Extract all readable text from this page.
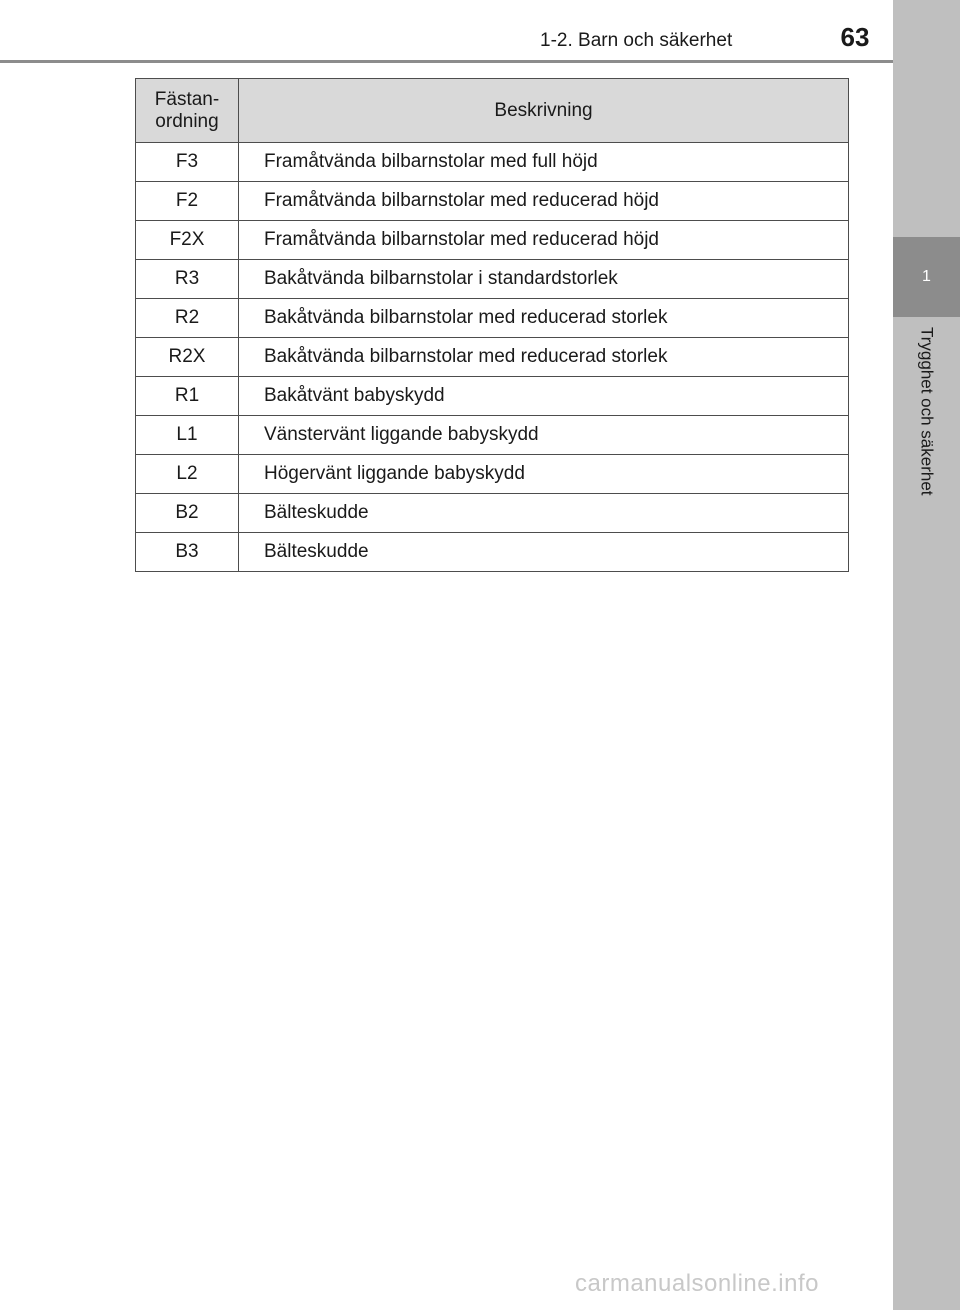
1-2. Barn och säkerhet	63
1
Trygghet och säkerhet
Fästan-
ordning	Beskrivning
F3	Framåtvända bilbarnstolar med full höjd
F2	Framåtvända bilbarnstolar med reducerad höjd
F2X	Framåtvända bilbarnstolar med reducerad höjd
R3	Bakåtvända bilbarnstolar i standardstorlek
R2	Bakåtvända bilbarnstolar med reducerad storlek
R2X	Bakåtvända bilbarnstolar med reducerad storlek
R1	Bakåtvänt babyskydd
L1	Vänstervänt liggande babyskydd
L2	Högervänt liggande babyskydd
B2	Bälteskudde
B3	Bälteskudde
carmanualsonline.info
